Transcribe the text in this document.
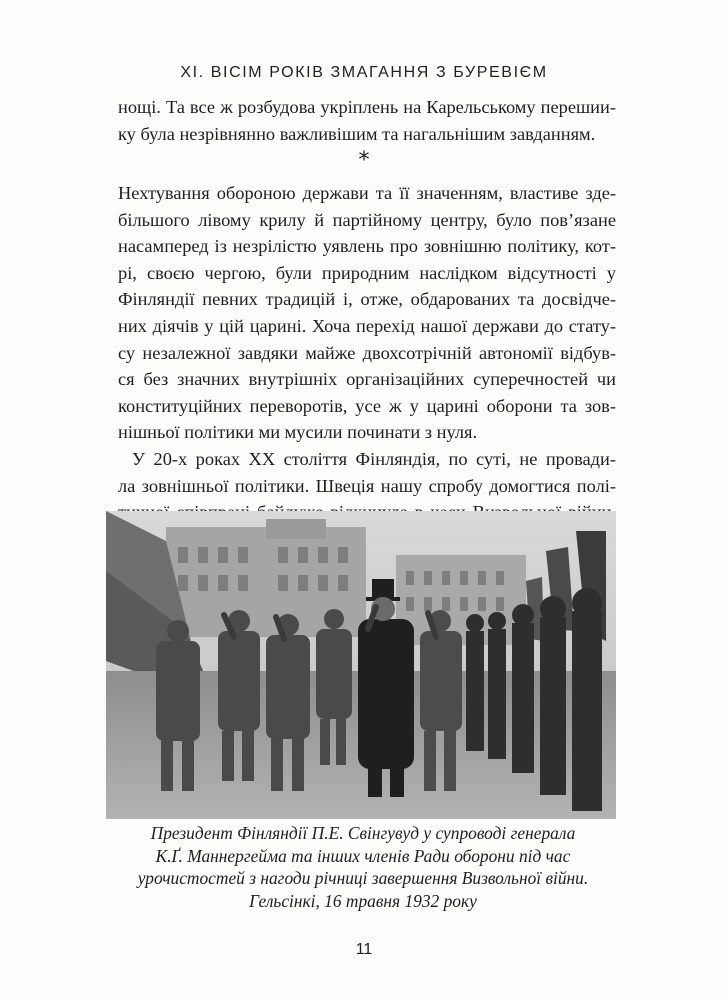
XI. ВІСІМ РОКІВ ЗМАГАННЯ З БУРЕВІЄМ

нощі. Та все ж розбудова укріплень на Карельському перешии-
ку була незрівнянно важливішим та нагальнішим завданням.

*

Нехтування обороною держави та її значенням, властиве зде-
більшого лівому крилу й партійному центру, було пов’язане
насамперед із незрілістю уявлень про зовнішню політику, кот-
рі, своєю чергою, були природним наслідком відсутності у
Фінляндії певних традицій і, отже, обдарованих та досвідче-
них діячів у цій царині. Хоча перехід нашої держави до стату-
су незалежної завдяки майже двохсотрічній автономії відбув-
ся без значних внутрішніх організаційних суперечностей чи
конституційних переворотів, усе ж у царині оборони та зов-
нішньої політики ми мусили починати з нуля.

У 20-х роках XX століття Фінляндія, по суті, не провади-
ла зовнішньої політики. Швеція нашу спробу домогтися полі-

Президент Фінляндії П.Е. Свінгувуд у супроводі генерала
К.Ґ. Маннергейма та інших членів Ради оборони під час
урочистостей з нагоди річниці завершення Визвольної війни.
Гельсінкі, 16 травня 1932 року
11
